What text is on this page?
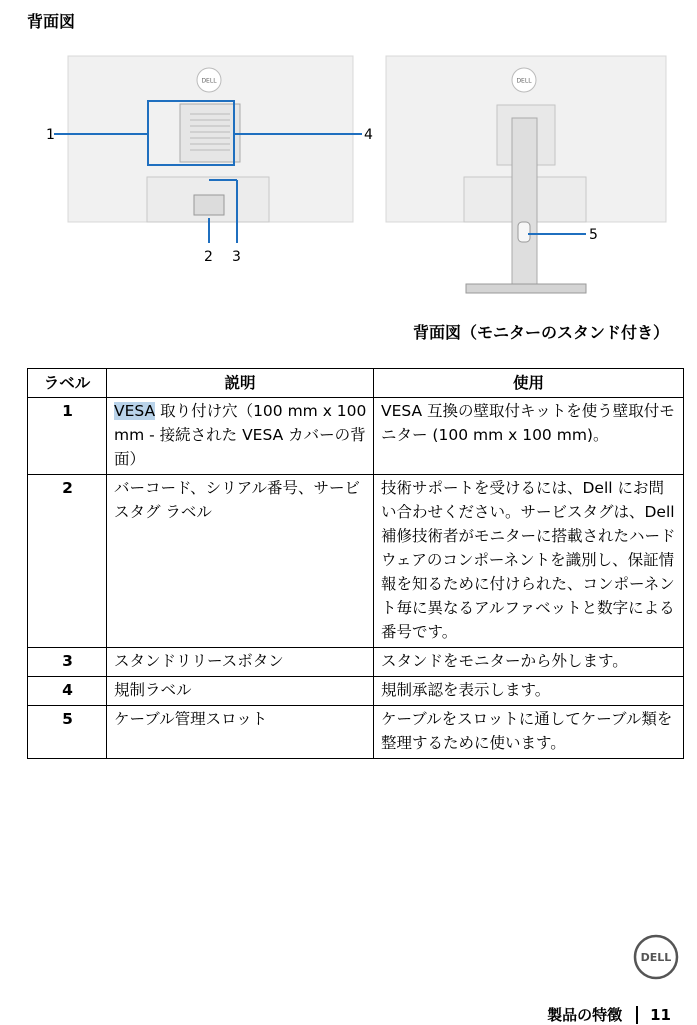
背面図
DELL
1
2 3
4
DELL
5
背面図（モニターのスタンド付き）
ラベル	説明	使用
1	VESA 取り付け穴（100 mm x 100 mm - 接続された VESA カバーの背面）	VESA 互換の壁取付キットを使う壁取付モニター (100 mm x 100 mm)。
2	バーコード、シリアル番号、サービスタグ ラベル	技術サポートを受けるには、Dell にお問い合わせください。サービスタグは、Dell 補修技術者がモニターに搭載されたハードウェアのコンポーネントを識別し、保証情報を知るために付けられた、コンポーネント毎に異なるアルファベットと数字による番号です。
3	スタンドリリースボタン	スタンドをモニターから外します。
4	規制ラベル	規制承認を表示します。
5	ケーブル管理スロット	ケーブルをスロットに通してケーブル類を整理するために使います。
DELL
製品の特徴 11
